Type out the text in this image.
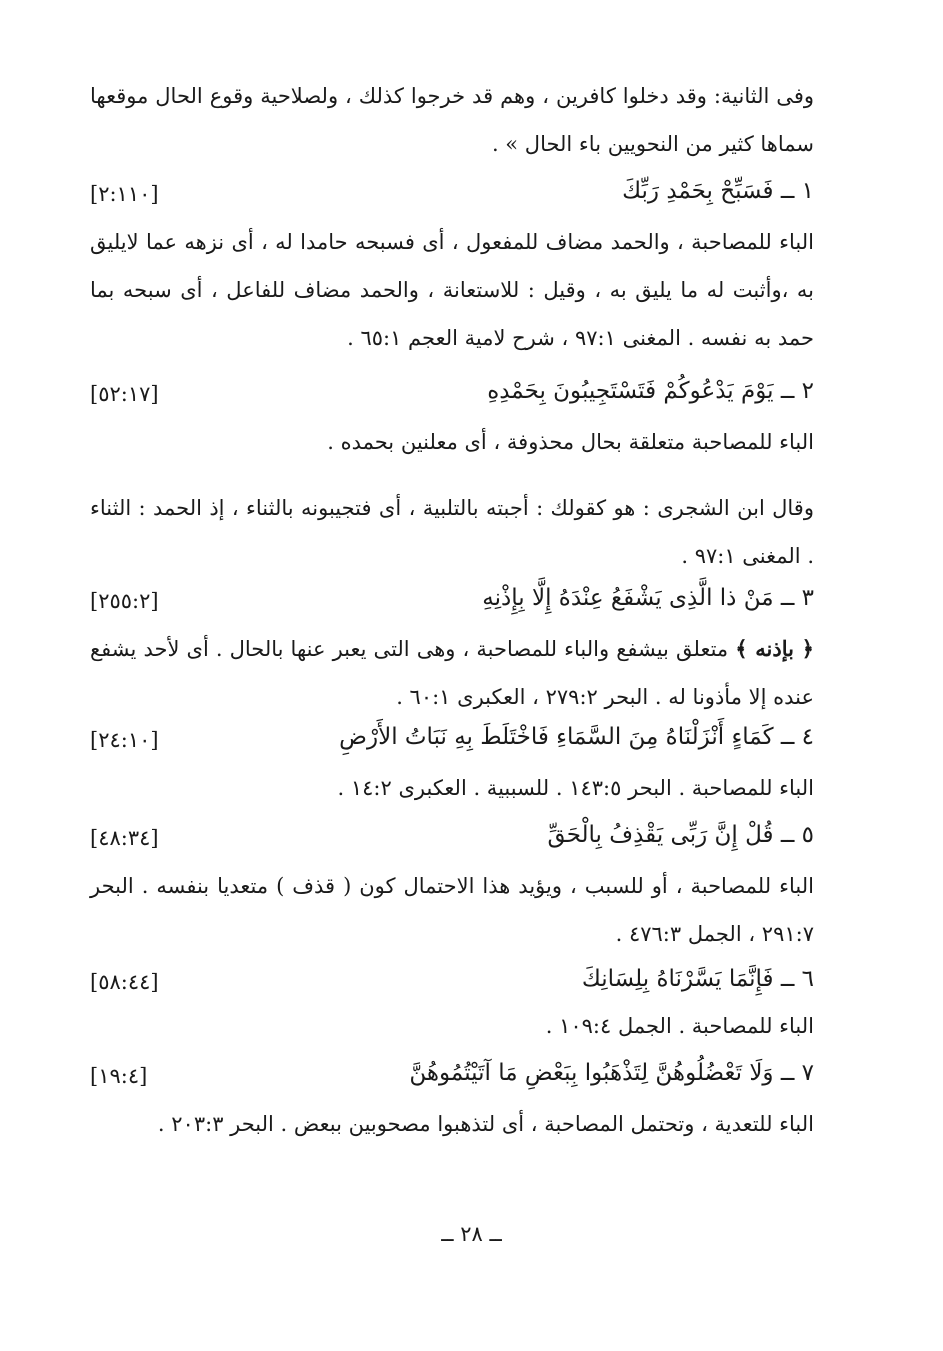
وفى الثانية: وقد دخلوا كافرين ، وهم قد خرجوا كذلك ، ولصلاحية وقوع الحال موقعها سماها كثير من النحويين باء الحال » .
١ ــ فَسَبِّحْ بِحَمْدِ رَبِّكَ
[٢:١١٠]
الباء للمصاحبة ، والحمد مضاف للمفعول ، أى فسبحه حامدا له ، أى نزهه عما لايليق به ،وأثبت له ما يليق به ، وقيل : للاستعانة ، والحمد مضاف للفاعل ، أى سبحه بما حمد به نفسه . المغنى ٩٧:١ ، شرح لامية العجم ٦٥:١ .
٢ ــ يَوْمَ يَدْعُوكُمْ فَتَسْتَجِيبُونَ بِحَمْدِهِ
[٥٢:١٧]
الباء للمصاحبة متعلقة بحال محذوفة ، أى معلنين بحمده .
وقال ابن الشجرى : هو كقولك : أجبته بالتلبية ، أى فتجيبونه بالثناء ، إذ الحمد : الثناء . المغنى ٩٧:١ .
٣ ــ مَنْ ذا الَّذِى يَشْفَعُ عِنْدَهُ إِلَّا بِإِذْنِهِ
[٢٥٥:٢]
﴿ بإذنه ﴾ متعلق بيشفع والباء للمصاحبة ، وهى التى يعبر عنها بالحال . أى لأحد يشفع عنده إلا مأذونا له . البحر ٢٧٩:٢ ، العكبرى ٦٠:١ .
٤ ــ كَمَاءٍ أَنْزَلْنَاهُ مِنَ السَّمَاءِ فَاخْتَلَطَ بِهِ نَبَاتُ الأَرْضِ
[٢٤:١٠]
الباء للمصاحبة . البحر ١٤٣:٥ . للسببية . العكبرى ١٤:٢ .
٥ ــ قُلْ إِنَّ رَبِّى يَقْذِفُ بِالْحَقِّ
[٤٨:٣٤]
الباء للمصاحبة ، أو للسبب ، ويؤيد هذا الاحتمال كون ( قذف ) متعديا بنفسه . البحر ٢٩١:٧ ، الجمل ٤٧٦:٣ .
٦ ــ فَإِنَّمَا يَسَّرْنَاهُ بِلِسَانِكَ
[٥٨:٤٤]
الباء للمصاحبة . الجمل ١٠٩:٤ .
٧ ــ وَلَا تَعْضُلُوهُنَّ لِتَذْهَبُوا بِبَعْضِ مَا آتَيْتُمُوهُنَّ
[١٩:٤]
الباء للتعدية ، وتحتمل المصاحبة ، أى لتذهبوا مصحوبين ببعض . البحر ٢٠٣:٣ .
ــ ٢٨ ــ
